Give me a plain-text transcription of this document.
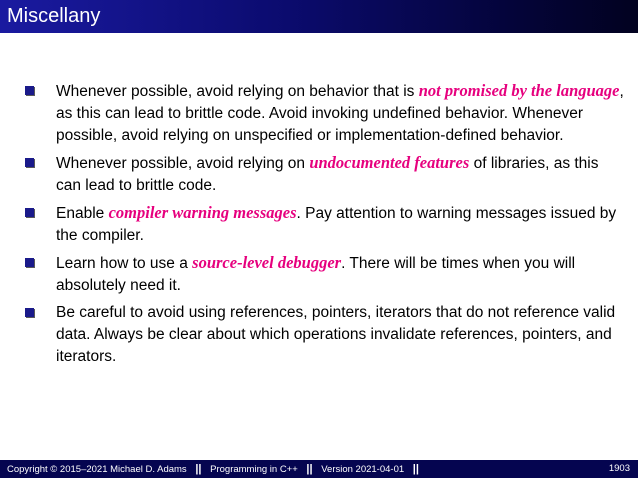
Miscellany
Whenever possible, avoid relying on behavior that is not promised by the language, as this can lead to brittle code. Avoid invoking undefined behavior. Whenever possible, avoid relying on unspecified or implementation-defined behavior.
Whenever possible, avoid relying on undocumented features of libraries, as this can lead to brittle code.
Enable compiler warning messages. Pay attention to warning messages issued by the compiler.
Learn how to use a source-level debugger. There will be times when you will absolutely need it.
Be careful to avoid using references, pointers, iterators that do not reference valid data. Always be clear about which operations invalidate references, pointers, and iterators.
Copyright © 2015–2021 Michael D. Adams || Programming in C++ || Version 2021-04-01 ||	1903
